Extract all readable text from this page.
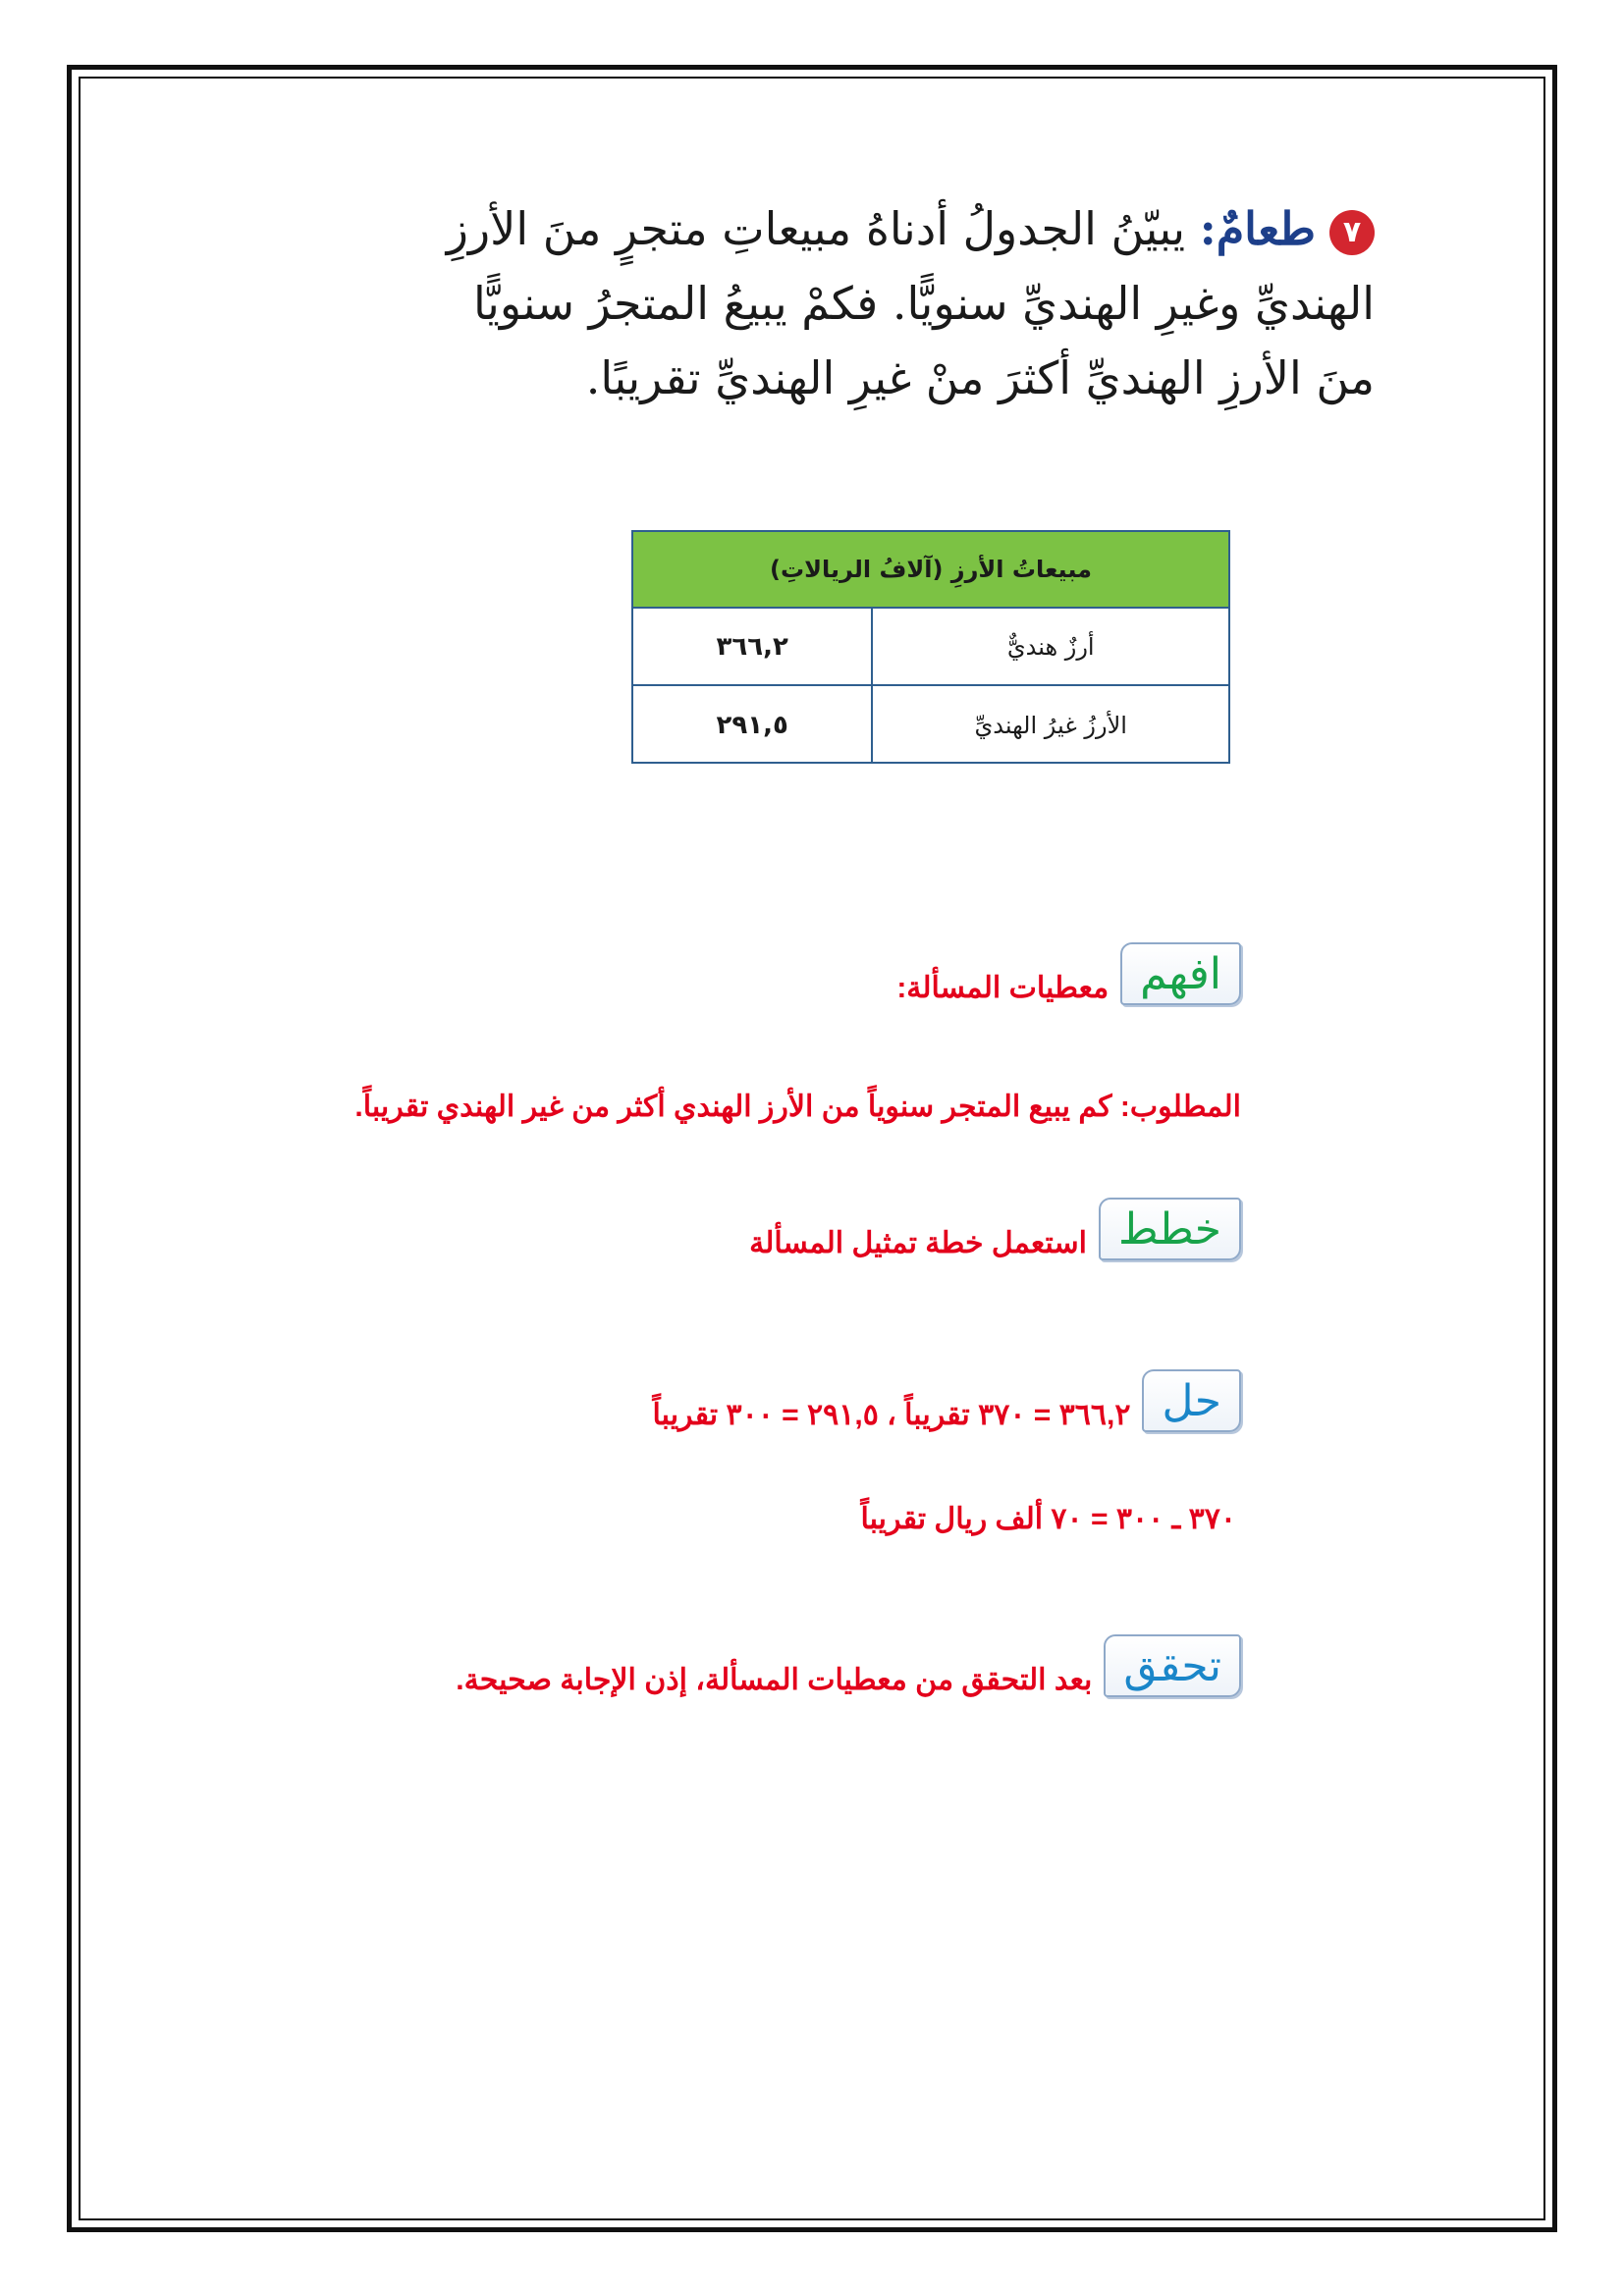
٧طعامٌ: يبيّنُ الجدولُ أدناهُ مبيعاتِ متجرٍ منَ الأرزِ
الهنديِّ وغيرِ الهنديِّ سنويًّا. فكمْ يبيعُ المتجرُ سنويًّا
منَ الأرزِ الهنديِّ أكثرَ منْ غيرِ الهنديِّ تقريبًا.
مبيعاتُ الأرزِ (آلافُ الريالاتِ)
أرزٌ هنديٌّ
٣٦٦,٢
الأرزُ غيرُ الهنديِّ
٢٩١,٥
افهم
معطيات المسألة:
المطلوب: كم يبيع المتجر سنوياً من الأرز الهندي أكثر من غير الهندي تقريباً.
خطط
استعمل خطة تمثيل المسألة
حل
٣٦٦,٢ = ٣٧٠ تقريباً ، ٢٩١,٥ = ٣٠٠ تقريباً
٣٧٠ ـ ٣٠٠ = ٧٠ ألف ريال تقريباً
تحقق
بعد التحقق من معطيات المسألة، إذن الإجابة صحيحة.
